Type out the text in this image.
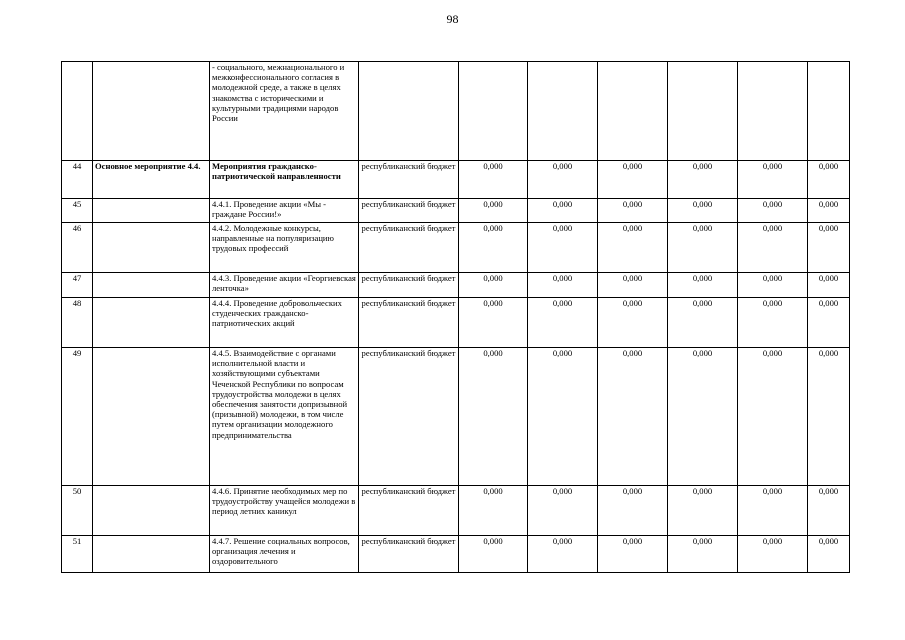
98
		- социального, межнационального и межконфессионального согласия в молодежной среде, а также в целях знакомства с историческими и культурными традициями народов России							
44	Основное мероприятие 4.4.	Мероприятия гражданско-патриотической направленности	республиканский бюджет	0,000	0,000	0,000	0,000	0,000	0,000
45		4.4.1. Проведение акции «Мы - граждане России!»	республиканский бюджет	0,000	0,000	0,000	0,000	0,000	0,000
46		4.4.2. Молодежные конкурсы, направленные на популяризацию трудовых профессий	республиканский бюджет	0,000	0,000	0,000	0,000	0,000	0,000
47		4.4.3. Проведение акции «Георгиевская ленточка»	республиканский бюджет	0,000	0,000	0,000	0,000	0,000	0,000
48		4.4.4. Проведение добровольческих студенческих гражданско-патриотических акций	республиканский бюджет	0,000	0,000	0,000	0,000	0,000	0,000
49		4.4.5. Взаимодействие с органами исполнительной власти и хозяйствующими субъектами Чеченской Республики по вопросам трудоустройства молодежи в целях обеспечения занятости допризывной (призывной) молодежи, в том числе путем организации молодежного предпринимательства	республиканский бюджет	0,000	0,000	0,000	0,000	0,000	0,000
50		4.4.6. Принятие необходимых мер по трудоустройству учащейся молодежи в период летних каникул	республиканский бюджет	0,000	0,000	0,000	0,000	0,000	0,000
51		4.4.7. Решение социальных вопросов, организация лечения и оздоровительного	республиканский бюджет	0,000	0,000	0,000	0,000	0,000	0,000
